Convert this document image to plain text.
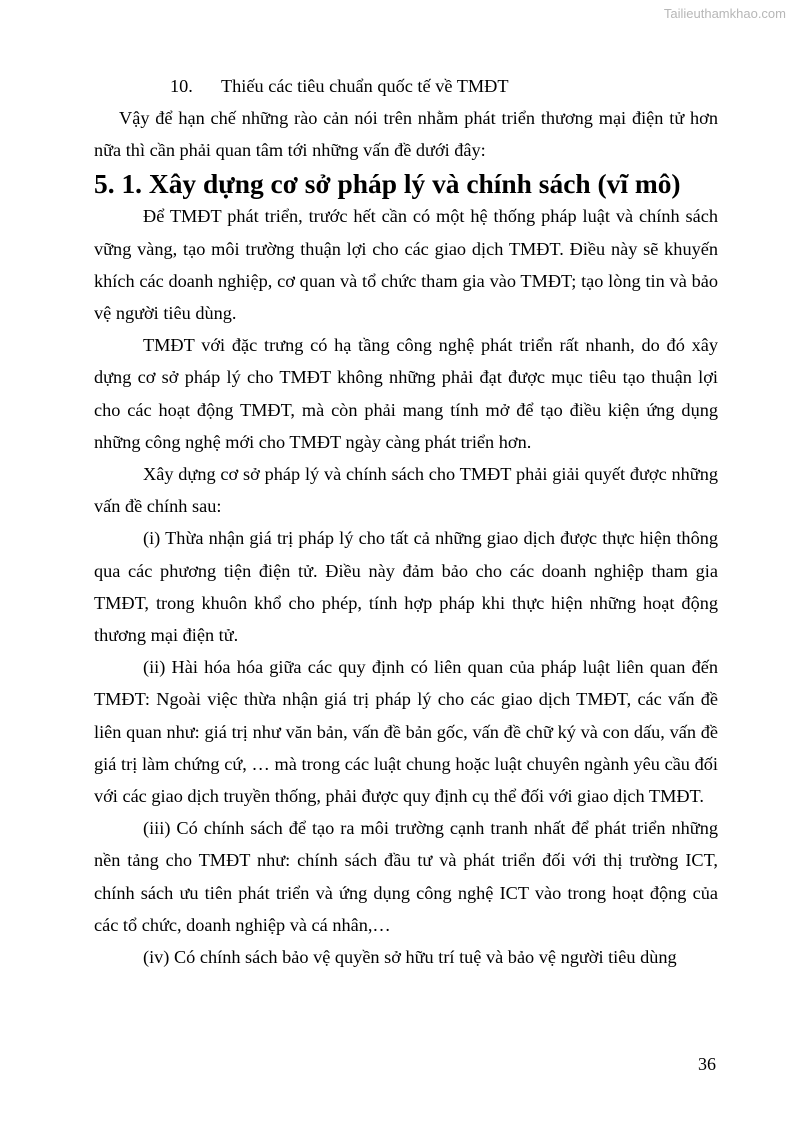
Tailieuthamkhao.com
10. Thiếu các tiêu chuẩn quốc tế về TMĐT

Vậy để hạn chế những rào cản nói trên nhằm phát triển thương mại điện tử hơn nữa thì cần phải quan tâm tới những vấn đề dưới đây:

5. 1. Xây dựng cơ sở pháp lý và chính sách (vĩ mô)

Để TMĐT phát triển, trước hết cần có một hệ thống pháp luật và chính sách vững vàng, tạo môi trường thuận lợi cho các giao dịch TMĐT. Điều này sẽ khuyến khích các doanh nghiệp, cơ quan và tổ chức tham gia vào TMĐT; tạo lòng tin và bảo vệ người tiêu dùng.

TMĐT với đặc trưng có hạ tầng công nghệ phát triển rất nhanh, do đó xây dựng cơ sở pháp lý cho TMĐT không những phải đạt được mục tiêu tạo thuận lợi cho các hoạt động TMĐT, mà còn phải mang tính mở để tạo điều kiện ứng dụng những công nghệ mới cho TMĐT ngày càng phát triển hơn.

Xây dựng cơ sở pháp lý và chính sách cho TMĐT phải giải quyết được những vấn đề chính sau:

(i) Thừa nhận giá trị pháp lý cho tất cả những giao dịch được thực hiện thông qua các phương tiện điện tử. Điều này đảm bảo cho các doanh nghiệp tham gia TMĐT, trong khuôn khổ cho phép, tính hợp pháp khi thực hiện những hoạt động thương mại điện tử.

(ii) Hài hóa hóa giữa các quy định có liên quan của pháp luật liên quan đến TMĐT: Ngoài việc thừa nhận giá trị pháp lý cho các giao dịch TMĐT, các vấn đề liên quan như: giá trị như văn bản, vấn đề bản gốc, vấn đề chữ ký và con dấu, vấn đề giá trị làm chứng cứ, … mà trong các luật chung hoặc luật chuyên ngành yêu cầu đối với các giao dịch truyền thống, phải được quy định cụ thể đối với giao dịch TMĐT.

(iii) Có chính sách để tạo ra môi trường cạnh tranh nhất để phát triển những nền tảng cho TMĐT như: chính sách đầu tư và phát triển đối với thị trường ICT, chính sách ưu tiên phát triển và ứng dụng công nghệ ICT vào trong hoạt động của các tổ chức, doanh nghiệp và cá nhân,…

(iv) Có chính sách bảo vệ quyền sở hữu trí tuệ và bảo vệ người tiêu dùng

36
